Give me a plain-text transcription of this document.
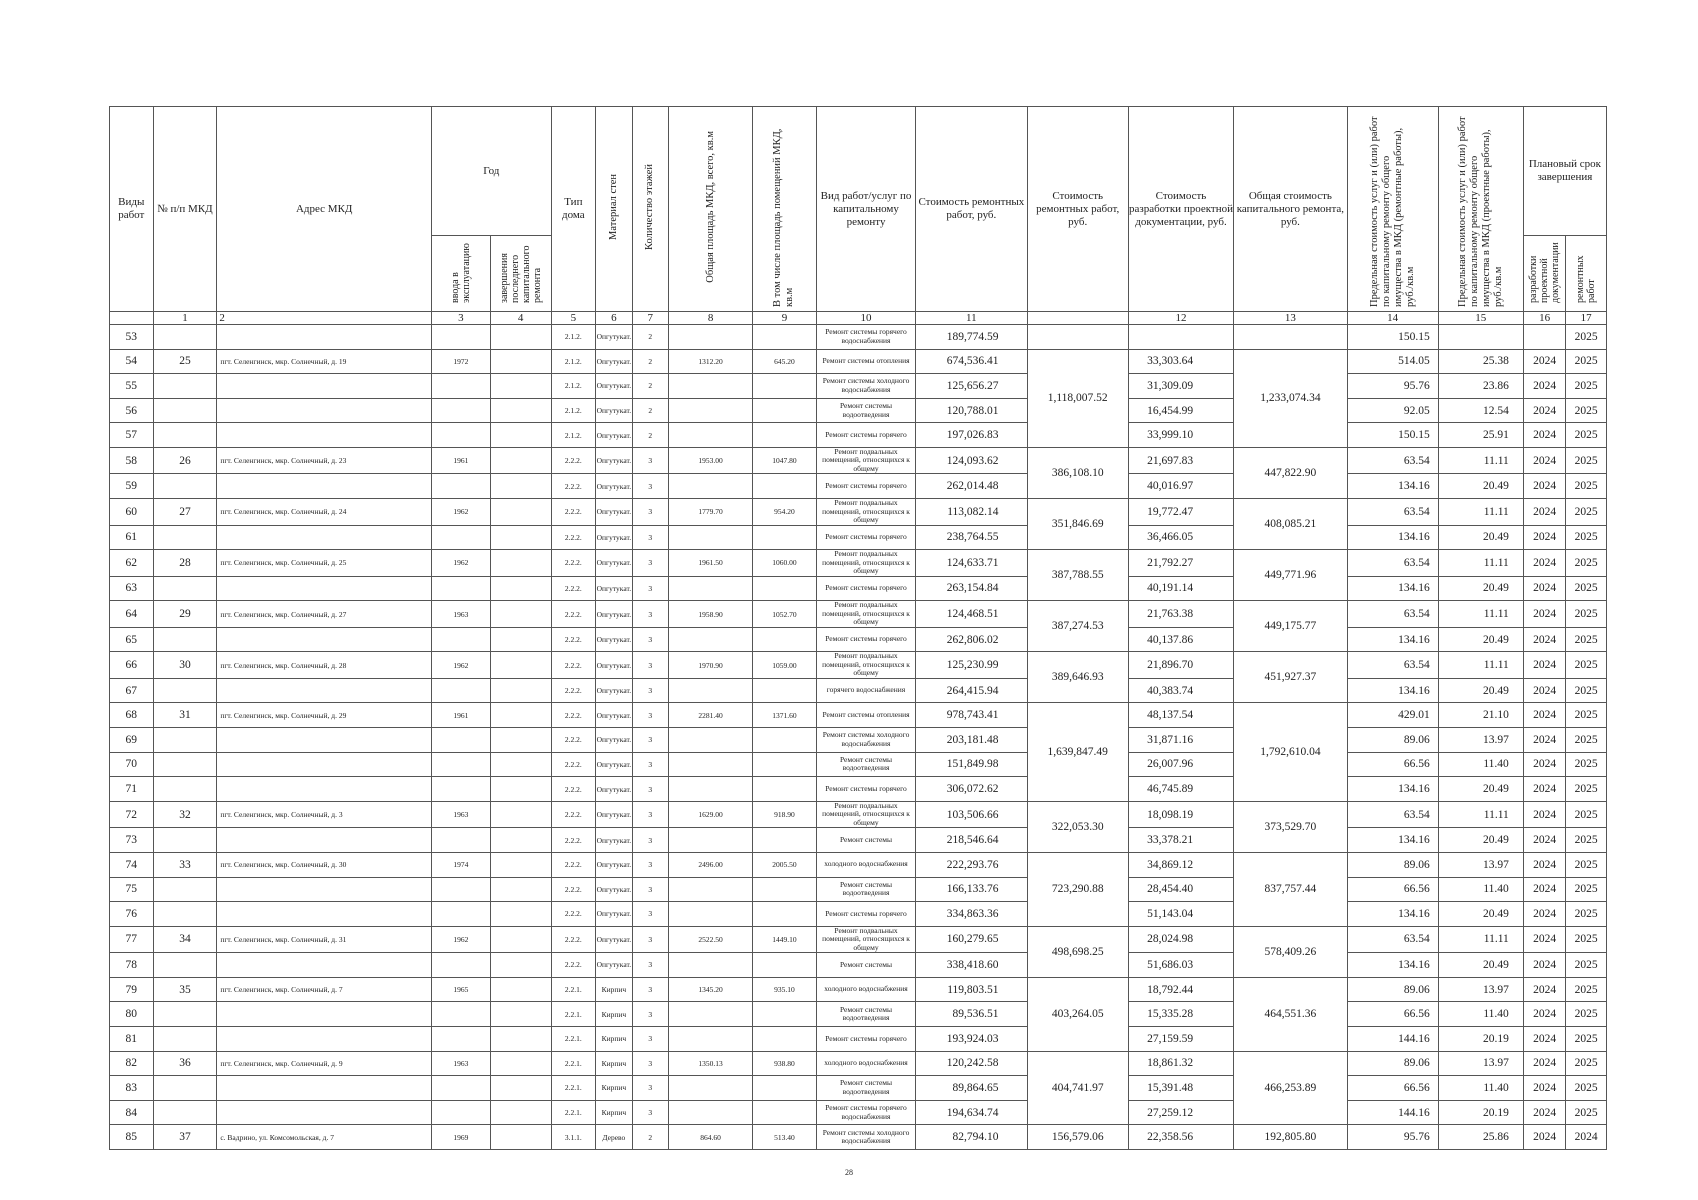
Виды работ	№ п/п МКД	Адрес МКД	Год		Тип дома	Материал стен	Количество этажей	Общая площадь МКД, всего, кв.м	В том числе площадь помещений МКД, кв.м	Вид работ/услуг по капитальному ремонту	Стоимость ремонтных работ, руб.	Стоимость ремонтных работ, руб.	Стоимость разработки проектной документации, руб.	Общая стоимость капитального ремонта, руб.	Предельная стоимость услуг и (или) работ по капитальному ремонту общего имущества в МКД (ремонтные работы), руб./кв.м	Предельная стоимость услуг и (или) работ по капитальному ремонту общего имущества в МКД (проектные работы), руб./кв.м	Плановый срок завершения	
			ввода в эксплуатацию	завершения последнего капитального ремонта													разработки проектной документации	ремонтных работ
	1	2	3	4	5	6	7	8	9	10	11		12	13	14	15	16	17
53					2.1.2.	Опгутукат.	2			Ремонт системы горячего водоснабжения	189,774.59				150.15			2025
54	25	пгт. Селенгинск, мкр. Солнечный, д. 19	1972		2.1.2.	Опгутукат.	2	1312.20	645.20	Ремонт системы отопления	674,536.41	1,118,007.52	33,303.64	1,233,074.34	514.05	25.38	2024	2025
55					2.1.2.	Опгутукат.	2			Ремонт системы холодного водоснабжения	125,656.27		31,309.09		95.76	23.86	2024	2025
56					2.1.2.	Опгутукат.	2			Ремонт системы водоотведения	120,788.01		16,454.99		92.05	12.54	2024	2025
57					2.1.2.	Опгутукат.	2			Ремонт системы горячего	197,026.83		33,999.10		150.15	25.91	2024	2025
58	26	пгт. Селенгинск, мкр. Солнечный, д. 23	1961		2.2.2.	Опгутукат.	3	1953.00	1047.80	Ремонт подвальных помещений, относящихся к общему	124,093.62	386,108.10	21,697.83	447,822.90	63.54	11.11	2024	2025
59					2.2.2.	Опгутукат.	3			Ремонт системы горячего	262,014.48		40,016.97		134.16	20.49	2024	2025
60	27	пгт. Селенгинск, мкр. Солнечный, д. 24	1962		2.2.2.	Опгутукат.	3	1779.70	954.20	Ремонт подвальных помещений, относящихся к общему	113,082.14	351,846.69	19,772.47	408,085.21	63.54	11.11	2024	2025
61					2.2.2.	Опгутукат.	3			Ремонт системы горячего	238,764.55		36,466.05		134.16	20.49	2024	2025
62	28	пгт. Селенгинск, мкр. Солнечный, д. 25	1962		2.2.2.	Опгутукат.	3	1961.50	1060.00	Ремонт подвальных помещений, относящихся к общему	124,633.71	387,788.55	21,792.27	449,771.96	63.54	11.11	2024	2025
63					2.2.2.	Опгутукат.	3			Ремонт системы горячего	263,154.84		40,191.14		134.16	20.49	2024	2025
64	29	пгт. Селенгинск, мкр. Солнечный, д. 27	1963		2.2.2.	Опгутукат.	3	1958.90	1052.70	Ремонт подвальных помещений, относящихся к общему	124,468.51	387,274.53	21,763.38	449,175.77	63.54	11.11	2024	2025
65					2.2.2.	Опгутукат.	3			Ремонт системы горячего	262,806.02		40,137.86		134.16	20.49	2024	2025
66	30	пгт. Селенгинск, мкр. Солнечный, д. 28	1962		2.2.2.	Опгутукат.	3	1970.90	1059.00	Ремонт подвальных помещений, относящихся к общему	125,230.99	389,646.93	21,896.70	451,927.37	63.54	11.11	2024	2025
67					2.2.2.	Опгутукат.	3			горячего водоснабжения	264,415.94		40,383.74		134.16	20.49	2024	2025
68	31	пгт. Селенгинск, мкр. Солнечный, д. 29	1961		2.2.2.	Опгутукат.	3	2281.40	1371.60	Ремонт системы отопления	978,743.41	1,639,847.49	48,137.54	1,792,610.04	429.01	21.10	2024	2025
69					2.2.2.	Опгутукат.	3			Ремонт системы холодного водоснабжения	203,181.48		31,871.16		89.06	13.97	2024	2025
70					2.2.2.	Опгутукат.	3			Ремонт системы водоотведения	151,849.98		26,007.96		66.56	11.40	2024	2025
71					2.2.2.	Опгутукат.	3			Ремонт системы горячего	306,072.62		46,745.89		134.16	20.49	2024	2025
72	32	пгт. Селенгинск, мкр. Солнечный, д. 3	1963		2.2.2.	Опгутукат.	3	1629.00	918.90	Ремонт подвальных помещений, относящихся к общему	103,506.66	322,053.30	18,098.19	373,529.70	63.54	11.11	2024	2025
73					2.2.2.	Опгутукат.	3			Ремонт системы	218,546.64		33,378.21		134.16	20.49	2024	2025
74	33	пгт. Селенгинск, мкр. Солнечный, д. 30	1974		2.2.2.	Опгутукат.	3	2496.00	2005.50	холодного водоснабжения	222,293.76	723,290.88	34,869.12	837,757.44	89.06	13.97	2024	2025
75					2.2.2.	Опгутукат.	3			Ремонт системы водоотведения	166,133.76		28,454.40		66.56	11.40	2024	2025
76					2.2.2.	Опгутукат.	3			Ремонт системы горячего	334,863.36		51,143.04		134.16	20.49	2024	2025
77	34	пгт. Селенгинск, мкр. Солнечный, д. 31	1962		2.2.2.	Опгутукат.	3	2522.50	1449.10	Ремонт подвальных помещений, относящихся к общему	160,279.65	498,698.25	28,024.98	578,409.26	63.54	11.11	2024	2025
78					2.2.2.	Опгутукат.	3			Ремонт системы	338,418.60		51,686.03		134.16	20.49	2024	2025
79	35	пгт. Селенгинск, мкр. Солнечный, д. 7	1965		2.2.1.	Кирпич	3	1345.20	935.10	холодного водоснабжения	119,803.51	403,264.05	18,792.44	464,551.36	89.06	13.97	2024	2025
80					2.2.1.	Кирпич	3			Ремонт системы водоотведения	89,536.51		15,335.28		66.56	11.40	2024	2025
81					2.2.1.	Кирпич	3			Ремонт системы горячего	193,924.03		27,159.59		144.16	20.19	2024	2025
82	36	пгт. Селенгинск, мкр. Солнечный, д. 9	1963		2.2.1.	Кирпич	3	1350.13	938.80	холодного водоснабжения	120,242.58	404,741.97	18,861.32	466,253.89	89.06	13.97	2024	2025
83					2.2.1.	Кирпич	3			Ремонт системы водоотведения	89,864.65		15,391.48		66.56	11.40	2024	2025
84					2.2.1.	Кирпич	3			Ремонт системы горячего водоснабжения	194,634.74		27,259.12		144.16	20.19	2024	2025
85	37	с. Вадрино, ул. Комсомольская, д. 7	1969		3.1.1.	Дерево	2	864.60	513.40	Ремонт системы холодного водоснабжения	82,794.10	156,579.06	22,358.56	192,805.80	95.76	25.86	2024	2024
28
